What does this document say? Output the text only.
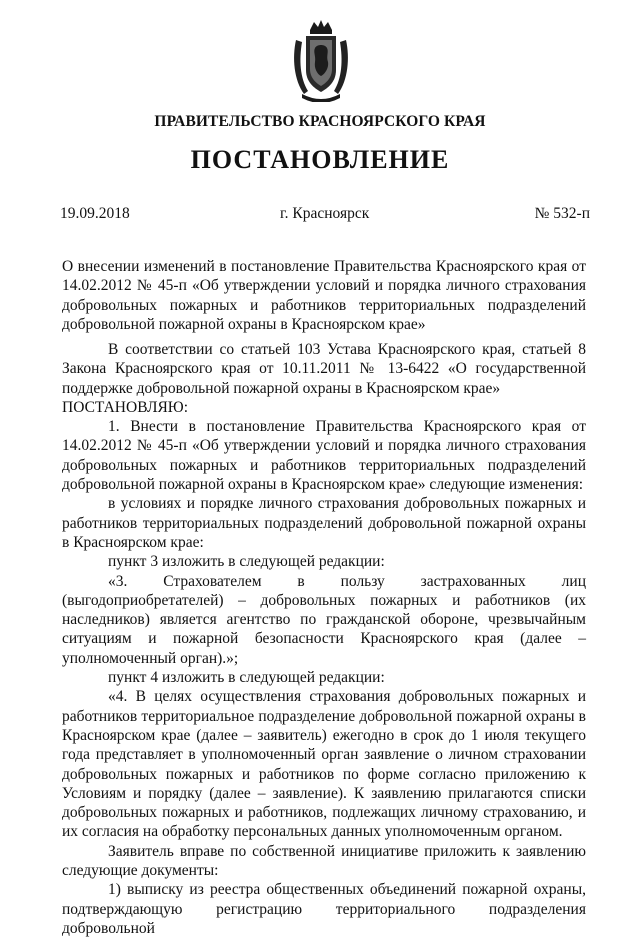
ПРАВИТЕЛЬСТВО КРАСНОЯРСКОГО КРАЯ
ПОСТАНОВЛЕНИЕ
19.09.2018	г. Красноярск	№ 532-п

О внесении изменений в постановление Правительства Красноярского края от 14.02.2012 № 45-п «Об утверждении условий и порядка личного страхования добровольных пожарных и работников территориальных подразделений добровольной пожарной охраны в Красноярском крае»

В соответствии со статьей 103 Устава Красноярского края, статьей 8 Закона Красноярского края от 10.11.2011 № 13-6422 «О государственной поддержке добровольной пожарной охраны в Красноярском крае»

ПОСТАНОВЛЯЮ:

1. Внести в постановление Правительства Красноярского края от 14.02.2012 № 45-п «Об утверждении условий и порядка личного страхования добровольных пожарных и работников территориальных подразделений добровольной пожарной охраны в Красноярском крае» следующие изменения:

в условиях и порядке личного страхования добровольных пожарных и работников территориальных подразделений добровольной пожарной охраны в Красноярском крае:

пункт 3 изложить в следующей редакции:

«3. Страхователем в пользу застрахованных лиц (выгодоприобретателей) – добровольных пожарных и работников (их наследников) является агентство по гражданской обороне, чрезвычайным ситуациям и пожарной безопасности Красноярского края (далее – уполномоченный орган).»;

пункт 4 изложить в следующей редакции:

«4. В целях осуществления страхования добровольных пожарных и работников территориальное подразделение добровольной пожарной охраны в Красноярском крае (далее – заявитель) ежегодно в срок до 1 июля текущего года представляет в уполномоченный орган заявление о личном страховании добровольных пожарных и работников по форме согласно приложению к Условиям и порядку (далее – заявление). К заявлению прилагаются списки добровольных пожарных и работников, подлежащих личному страхованию, и их согласия на обработку персональных данных уполномоченным органом.

Заявитель вправе по собственной инициативе приложить к заявлению следующие документы:

1) выписку из реестра общественных объединений пожарной охраны, подтверждающую регистрацию территориального подразделения добровольной
